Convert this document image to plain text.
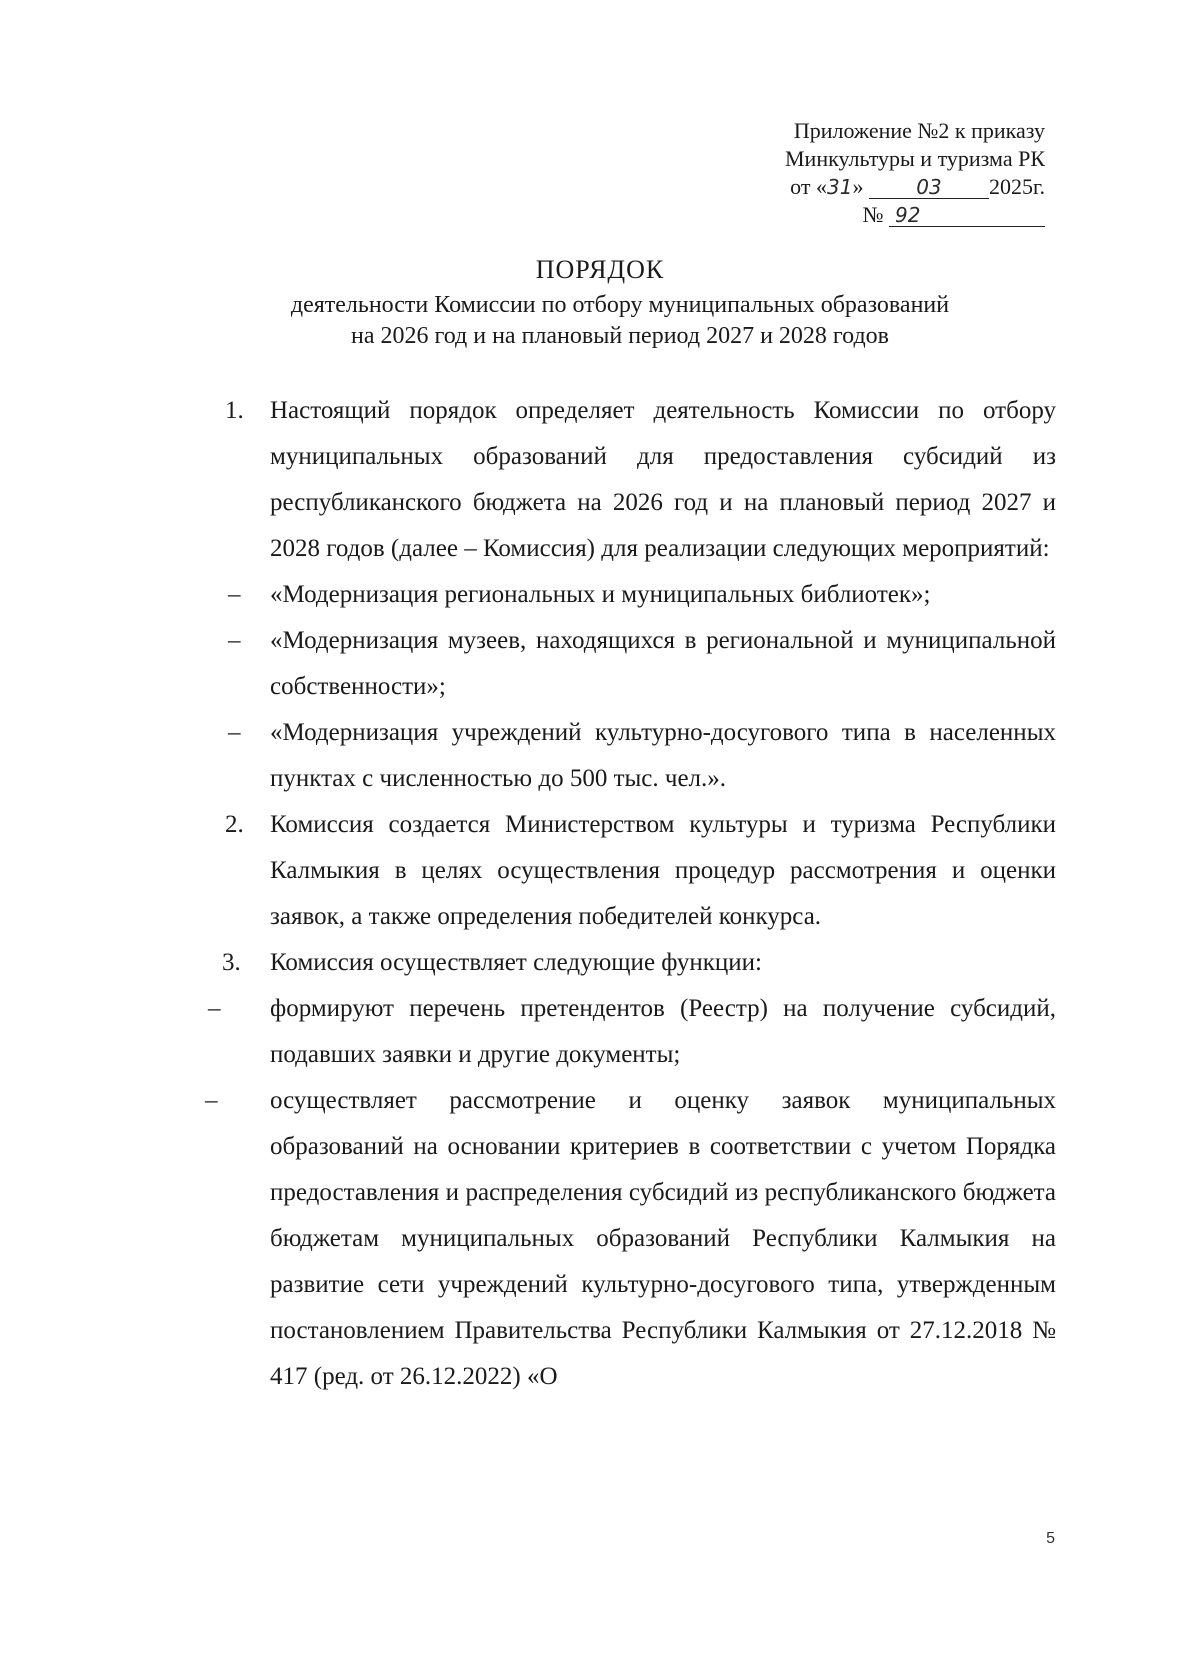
Приложение №2 к приказу
Минкультуры и туризма РК
от «31»	03 2025г.
№ 92
ПОРЯДОК
деятельности Комиссии по отбору муниципальных образований
на 2026 год и на плановый период 2027 и 2028 годов
1. Настоящий порядок определяет деятельность Комиссии по отбору муниципальных образований для предоставления субсидий из республиканского бюджета на 2026 год и на плановый период 2027 и 2028 годов (далее – Комиссия) для реализации следующих мероприятий:
– «Модернизация региональных и муниципальных библиотек»;
– «Модернизация музеев, находящихся в региональной и муниципальной собственности»;
– «Модернизация учреждений культурно-досугового типа в населенных пунктах с численностью до 500 тыс. чел.».
2. Комиссия создается Министерством культуры и туризма Республики Калмыкия в целях осуществления процедур рассмотрения и оценки заявок, а также определения победителей конкурса.
3. Комиссия осуществляет следующие функции:
– формируют перечень претендентов (Реестр) на получение субсидий, подавших заявки и другие документы;
– осуществляет рассмотрение и оценку заявок муниципальных образований на основании критериев в соответствии с учетом Порядка предоставления и распределения субсидий из республиканского бюджета бюджетам муниципальных образований Республики Калмыкия на развитие сети учреждений культурно-досугового типа, утвержденным постановлением Правительства Республики Калмыкия от 27.12.2018 № 417 (ред. от 26.12.2022) «О
5
